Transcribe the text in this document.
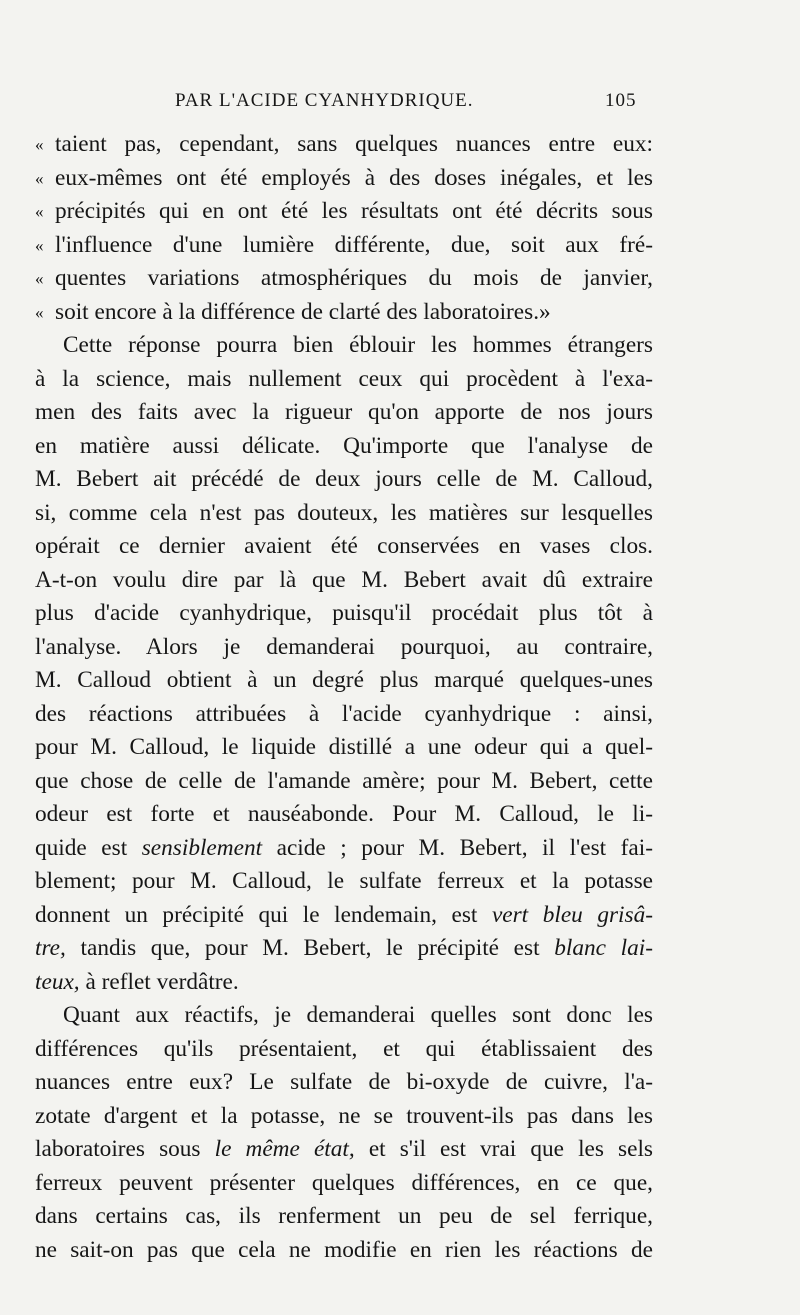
PAR L'ACIDE CYANHYDRIQUE.	105
« taient pas, cependant, sans quelques nuances entre eux:
« eux-mêmes ont été employés à des doses inégales, et les
« précipités qui en ont été les résultats ont été décrits sous
« l'influence d'une lumière différente, due, soit aux fré-
« quentes variations atmosphériques du mois de janvier,
« soit encore à la différence de clarté des laboratoires.»
Cette réponse pourra bien éblouir les hommes étrangers
à la science, mais nullement ceux qui procèdent à l'exa-
men des faits avec la rigueur qu'on apporte de nos jours
en matière aussi délicate. Qu'importe que l'analyse de
M. Bebert ait précédé de deux jours celle de M. Calloud,
si, comme cela n'est pas douteux, les matières sur lesquelles
opérait ce dernier avaient été conservées en vases clos.
A-t-on voulu dire par là que M. Bebert avait dû extraire
plus d'acide cyanhydrique, puisqu'il procédait plus tôt à
l'analyse. Alors je demanderai pourquoi, au contraire,
M. Calloud obtient à un degré plus marqué quelques-unes
des réactions attribuées à l'acide cyanhydrique : ainsi,
pour M. Calloud, le liquide distillé a une odeur qui a quel-
que chose de celle de l'amande amère; pour M. Bebert, cette
odeur est forte et nauséabonde. Pour M. Calloud, le li-
quide est sensiblement acide ; pour M. Bebert, il l'est fai-
blement; pour M. Calloud, le sulfate ferreux et la potasse
donnent un précipité qui le lendemain, est vert bleu grisâ-
tre, tandis que, pour M. Bebert, le précipité est blanc lai-
teux, à reflet verdâtre.
Quant aux réactifs, je demanderai quelles sont donc les
différences qu'ils présentaient, et qui établissaient des
nuances entre eux? Le sulfate de bi-oxyde de cuivre, l'a-
zotate d'argent et la potasse, ne se trouvent-ils pas dans les
laboratoires sous le même état, et s'il est vrai que les sels
ferreux peuvent présenter quelques différences, en ce que,
dans certains cas, ils renferment un peu de sel ferrique,
ne sait-on pas que cela ne modifie en rien les réactions de
